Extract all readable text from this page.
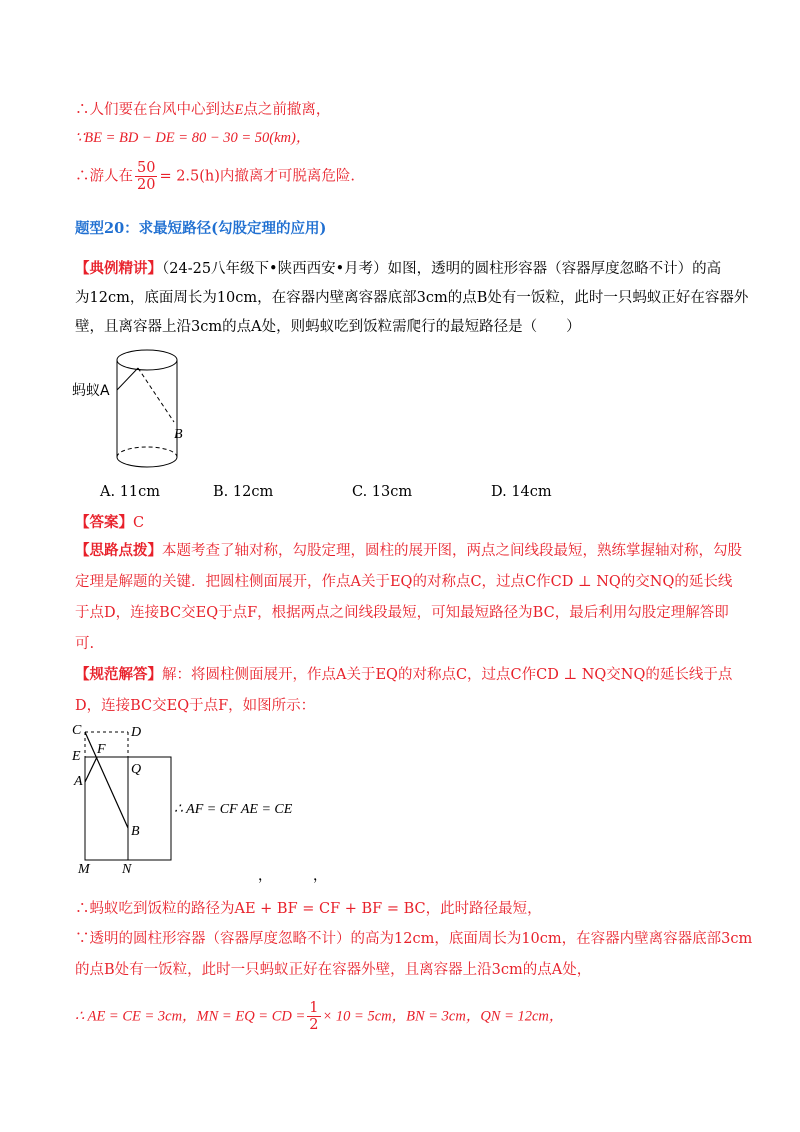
∴人们要在台风中心到达E点之前撤离，
∵BE = BD − DE = 80 − 30 = 50(km)，
∴游人在 $\frac{50}{20} = 2.5(h)$内撤离才可脱离危险.
题型20：求最短路径(勾股定理的应用)
【典例精讲】（24-25八年级下•陕西西安•月考）如图，透明的圆柱形容器（容器厚度忽略不计）的高
为12cm，底面周长为10cm，在容器内壁离容器底部3cm的点B处有一饭粒，此时一只蚂蚁正好在容器外
壁，且离容器上沿3cm的点A处，则蚂蚁吃到饭粒需爬行的最短路径是（　　）
蚂蚁A
B
A. 11cm	B. 12cm	C. 13cm	D. 14cm
【答案】C
【思路点拨】本题考查了轴对称，勾股定理，圆柱的展开图，两点之间线段最短，熟练掌握轴对称，勾股
定理是解题的关键．把圆柱侧面展开，作点A关于EQ的对称点C，过点C作CD ⊥ NQ的交NQ的延长线
于点D，连接BC交EQ于点F，根据两点之间线段最短，可知最短路径为BC，最后利用勾股定理解答即
可.
【规范解答】解：将圆柱侧面展开，作点A关于EQ的对称点C，过点C作CD ⊥ NQ交NQ的延长线于点
D，连接BC交EQ于点F，如图所示：
C	D
E F
Q
A
B
M N
∴ AF = CF AE = CE
，	，
∴蚂蚁吃到饭粒的路径为AE + BF = CF + BF = BC，此时路径最短，
∵透明的圆柱形容器（容器厚度忽略不计）的高为12cm，底面周长为10cm，在容器内壁离容器底部3cm
的点B处有一饭粒，此时一只蚂蚁正好在容器外壁，且离容器上沿3cm的点A处，
∴ AE = CE = 3cm，MN = EQ = CD = $\frac{1}{2} \times 10 = 5cm$，BN = 3cm，QN = 12cm，
